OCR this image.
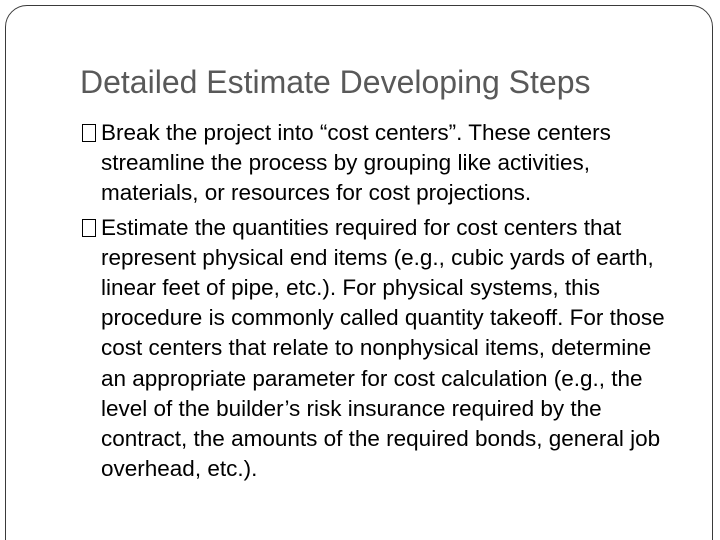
Detailed Estimate Developing Steps
Break the project into “cost centers”. These centers streamline the process by grouping like activities, materials, or resources for cost projections.
Estimate the quantities required for cost centers that represent physical end items (e.g., cubic yards of earth, linear feet of pipe, etc.). For physical systems, this procedure is commonly called quantity takeoff. For those cost centers that relate to nonphysical items, determine an appropriate parameter for cost calculation (e.g., the level of the builder’s risk insurance required by the contract, the amounts of the required bonds, general job overhead, etc.).
